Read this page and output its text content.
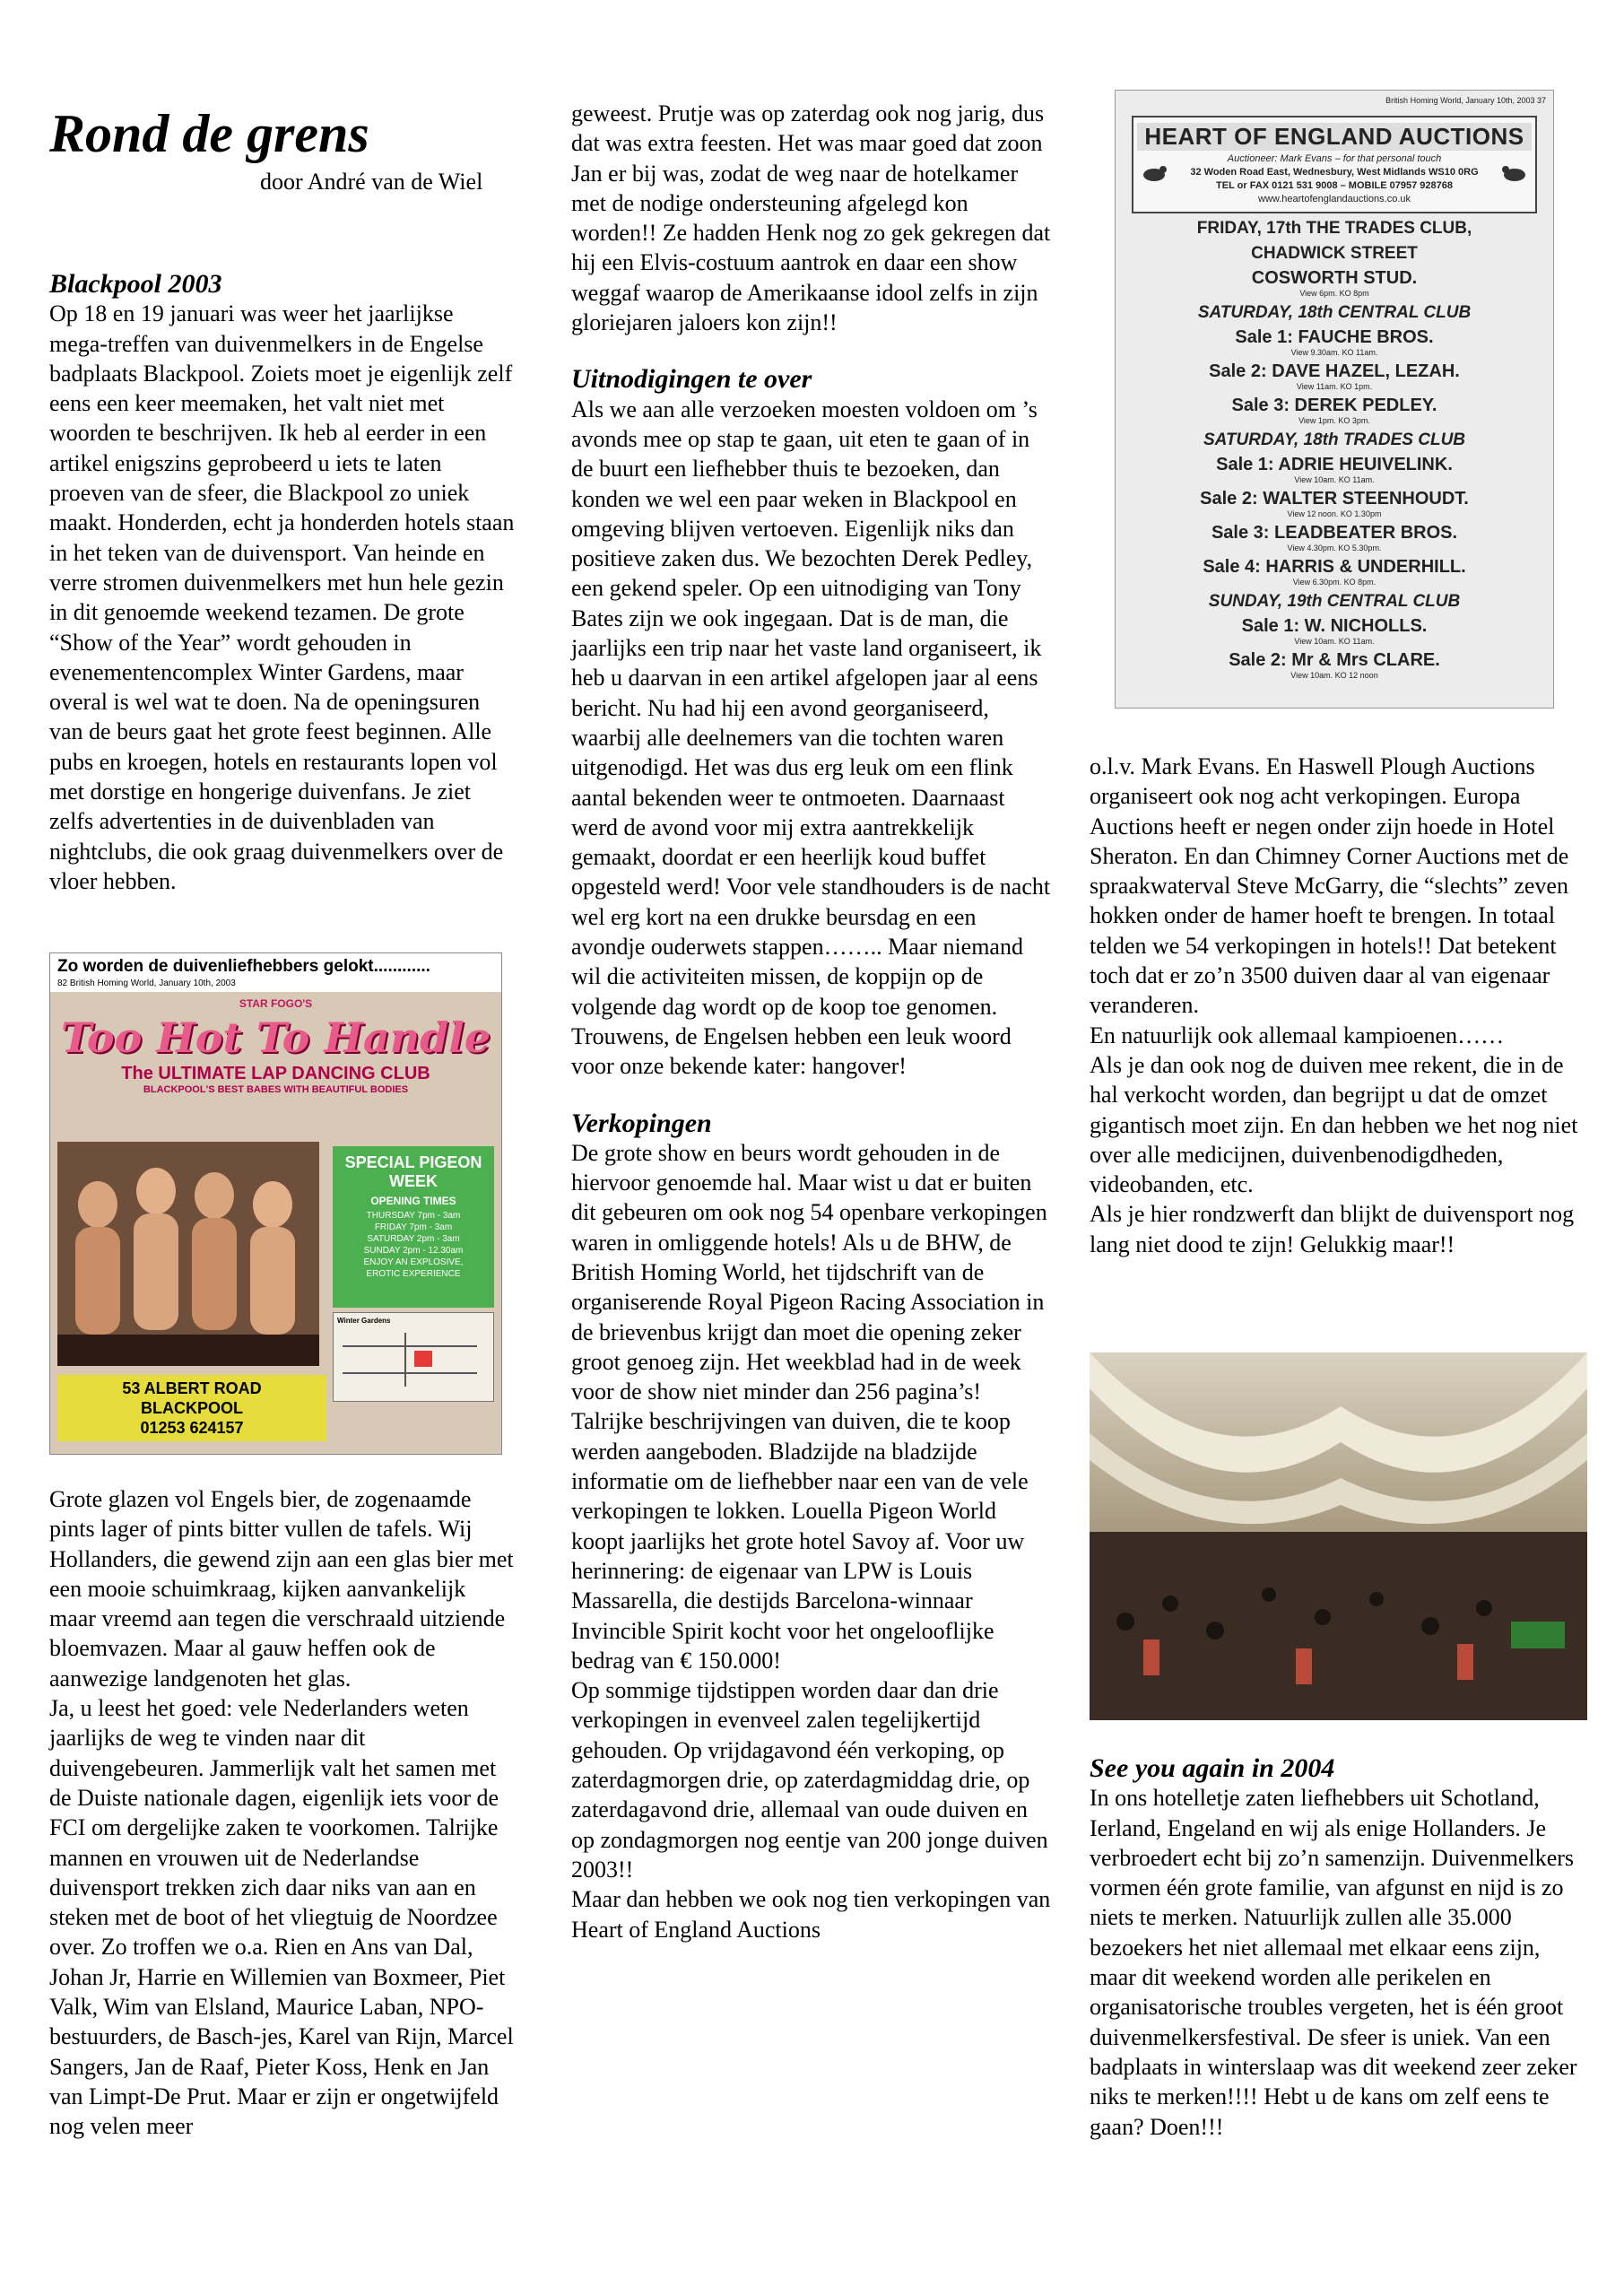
Rond de grens
door André van de Wiel

Blackpool 2003

Op 18 en 19 januari was weer het jaarlijkse mega-treffen van duivenmelkers in de Engelse badplaats Blackpool. Zoiets moet je eigenlijk zelf eens een keer meemaken, het valt niet met woorden te beschrijven. Ik heb al eerder in een artikel enigszins geprobeerd u iets te laten proeven van de sfeer, die Blackpool zo uniek maakt. Honderden, echt ja honderden hotels staan in het teken van de duivensport. Van heinde en verre stromen duivenmelkers met hun hele gezin in dit genoemde weekend tezamen. De grote “Show of the Year” wordt gehouden in evenementencomplex Winter Gardens, maar overal is wel wat te doen. Na de openingsuren van de beurs gaat het grote feest beginnen. Alle pubs en kroegen, hotels en restaurants lopen vol met dorstige en hongerige duivenfans. Je ziet zelfs advertenties in de duivenbladen van nightclubs, die ook graag duivenmelkers over de vloer hebben.

Zo worden de duivenliefhebbers gelokt............
82 British Homing World, January 10th, 2003
STAR FOGO'S
Too Hot To Handle
The ULTIMATE LAP DANCING CLUB
BLACKPOOL'S BEST BABES WITH BEAUTIFUL BODIES
SPECIAL PIGEON WEEK
OPENING TIMES
THURSDAY 7pm - 3am
FRIDAY 7pm - 3am
SATURDAY 2pm - 3am
SUNDAY 2pm - 12.30am
ENJOY AN EXPLOSIVE,
EROTIC EXPERIENCE
Winter Gardens
53 ALBERT ROAD
BLACKPOOL
01253 624157

Grote glazen vol Engels bier, de zogenaamde pints lager of pints bitter vullen de tafels. Wij Hollanders, die gewend zijn aan een glas bier met een mooie schuimkraag, kijken aanvankelijk maar vreemd aan tegen die verschraald uitziende bloemvazen. Maar al gauw heffen ook de aanwezige landgenoten het glas.

Ja, u leest het goed: vele Nederlanders weten jaarlijks de weg te vinden naar dit duivengebeuren. Jammerlijk valt het samen met de Duiste nationale dagen, eigenlijk iets voor de FCI om dergelijke zaken te voorkomen. Talrijke mannen en vrouwen uit de Nederlandse duivensport trekken zich daar niks van aan en steken met de boot of het vliegtuig de Noordzee over. Zo troffen we o.a. Rien en Ans van Dal, Johan Jr, Harrie en Willemien van Boxmeer, Piet Valk, Wim van Elsland, Maurice Laban, NPO-bestuurders, de Basch-jes, Karel van Rijn, Marcel Sangers, Jan de Raaf, Pieter Koss, Henk en Jan van Limpt-De Prut. Maar er zijn er ongetwijfeld nog velen meer

geweest. Prutje was op zaterdag ook nog jarig, dus dat was extra feesten. Het was maar goed dat zoon Jan er bij was, zodat de weg naar de hotelkamer met de nodige ondersteuning afgelegd kon worden!! Ze hadden Henk nog zo gek gekregen dat hij een Elvis-costuum aantrok en daar een show weggaf waarop de Amerikaanse idool zelfs in zijn gloriejaren jaloers kon zijn!!

Uitnodigingen te over

Als we aan alle verzoeken moesten voldoen om ’s avonds mee op stap te gaan, uit eten te gaan of in de buurt een liefhebber thuis te bezoeken, dan konden we wel een paar weken in Blackpool en omgeving blijven vertoeven. Eigenlijk niks dan positieve zaken dus. We bezochten Derek Pedley, een gekend speler. Op een uitnodiging van Tony Bates zijn we ook ingegaan. Dat is de man, die jaarlijks een trip naar het vaste land organiseert, ik heb u daarvan in een artikel afgelopen jaar al eens bericht. Nu had hij een avond georganiseerd, waarbij alle deelnemers van die tochten waren uitgenodigd. Het was dus erg leuk om een flink aantal bekenden weer te ontmoeten. Daarnaast werd de avond voor mij extra aantrekkelijk gemaakt, doordat er een heerlijk koud buffet opgesteld werd! Voor vele standhouders is de nacht wel erg kort na een drukke beursdag en een avondje ouderwets stappen…….. Maar niemand wil die activiteiten missen, de koppijn op de volgende dag wordt op de koop toe genomen. Trouwens, de Engelsen hebben een leuk woord voor onze bekende kater: hangover!

Verkopingen

De grote show en beurs wordt gehouden in de hiervoor genoemde hal. Maar wist u dat er buiten dit gebeuren om ook nog 54 openbare verkopingen waren in omliggende hotels! Als u de BHW, de British Homing World, het tijdschrift van de organiserende Royal Pigeon Racing Association in de brievenbus krijgt dan moet die opening zeker groot genoeg zijn. Het weekblad had in de week voor de show niet minder dan 256 pagina’s! Talrijke beschrijvingen van duiven, die te koop werden aangeboden. Bladzijde na bladzijde informatie om de liefhebber naar een van de vele verkopingen te lokken. Louella Pigeon World koopt jaarlijks het grote hotel Savoy af. Voor uw herinnering: de eigenaar van LPW is Louis Massarella, die destijds Barcelona-winnaar Invincible Spirit kocht voor het ongelooflijke bedrag van € 150.000!

Op sommige tijdstippen worden daar dan drie verkopingen in evenveel zalen tegelijkertijd gehouden. Op vrijdagavond één verkoping, op zaterdagmorgen drie, op zaterdagmiddag drie, op zaterdagavond drie, allemaal van oude duiven en op zondagmorgen nog eentje van 200 jonge duiven 2003!!

Maar dan hebben we ook nog tien verkopingen van Heart of England Auctions

British Homing World, January 10th, 2003 37
HEART OF ENGLAND AUCTIONS
Auctioneer: Mark Evans – for that personal touch
32 Woden Road East, Wednesbury, West Midlands WS10 0RG
TEL or FAX 0121 531 9008 – MOBILE 07957 928768
www.heartofenglandauctions.co.uk
FRIDAY, 17th THE TRADES CLUB,
CHADWICK STREET
COSWORTH STUD.
View 6pm. KO 8pm
SATURDAY, 18th CENTRAL CLUB
Sale 1: FAUCHE BROS.
View 9.30am. KO 11am.
Sale 2: DAVE HAZEL, LEZAH.
View 11am. KO 1pm.
Sale 3: DEREK PEDLEY.
View 1pm. KO 3pm.
SATURDAY, 18th TRADES CLUB
Sale 1: ADRIE HEUIVELINK.
View 10am. KO 11am.
Sale 2: WALTER STEENHOUDT.
View 12 noon. KO 1.30pm
Sale 3: LEADBEATER BROS.
View 4.30pm. KO 5.30pm.
Sale 4: HARRIS & UNDERHILL.
View 6.30pm. KO 8pm.
SUNDAY, 19th CENTRAL CLUB
Sale 1: W. NICHOLLS.
View 10am. KO 11am.
Sale 2: Mr & Mrs CLARE.
View 10am. KO 12 noon

o.l.v. Mark Evans. En Haswell Plough Auctions organiseert ook nog acht verkopingen. Europa Auctions heeft er negen onder zijn hoede in Hotel Sheraton. En dan Chimney Corner Auctions met de spraakwaterval Steve McGarry, die “slechts” zeven hokken onder de hamer hoeft te brengen. In totaal telden we 54 verkopingen in hotels!! Dat betekent toch dat er zo’n 3500 duiven daar al van eigenaar veranderen.

En natuurlijk ook allemaal kampioenen……

Als je dan ook nog de duiven mee rekent, die in de hal verkocht worden, dan begrijpt u dat de omzet gigantisch moet zijn. En dan hebben we het nog niet over alle medicijnen, duivenbenodigdheden, videobanden, etc.

Als je hier rondzwerft dan blijkt de duivensport nog lang niet dood te zijn! Gelukkig maar!!

See you again in 2004

In ons hotelletje zaten liefhebbers uit Schotland, Ierland, Engeland en wij als enige Hollanders. Je verbroedert echt bij zo’n samenzijn. Duivenmelkers vormen één grote familie, van afgunst en nijd is zo niets te merken. Natuurlijk zullen alle 35.000 bezoekers het niet allemaal met elkaar eens zijn, maar dit weekend worden alle perikelen en organisatorische troubles vergeten, het is één groot duivenmelkersfestival. De sfeer is uniek. Van een badplaats in winterslaap was dit weekend zeer zeker niks te merken!!!! Hebt u de kans om zelf eens te gaan? Doen!!!
